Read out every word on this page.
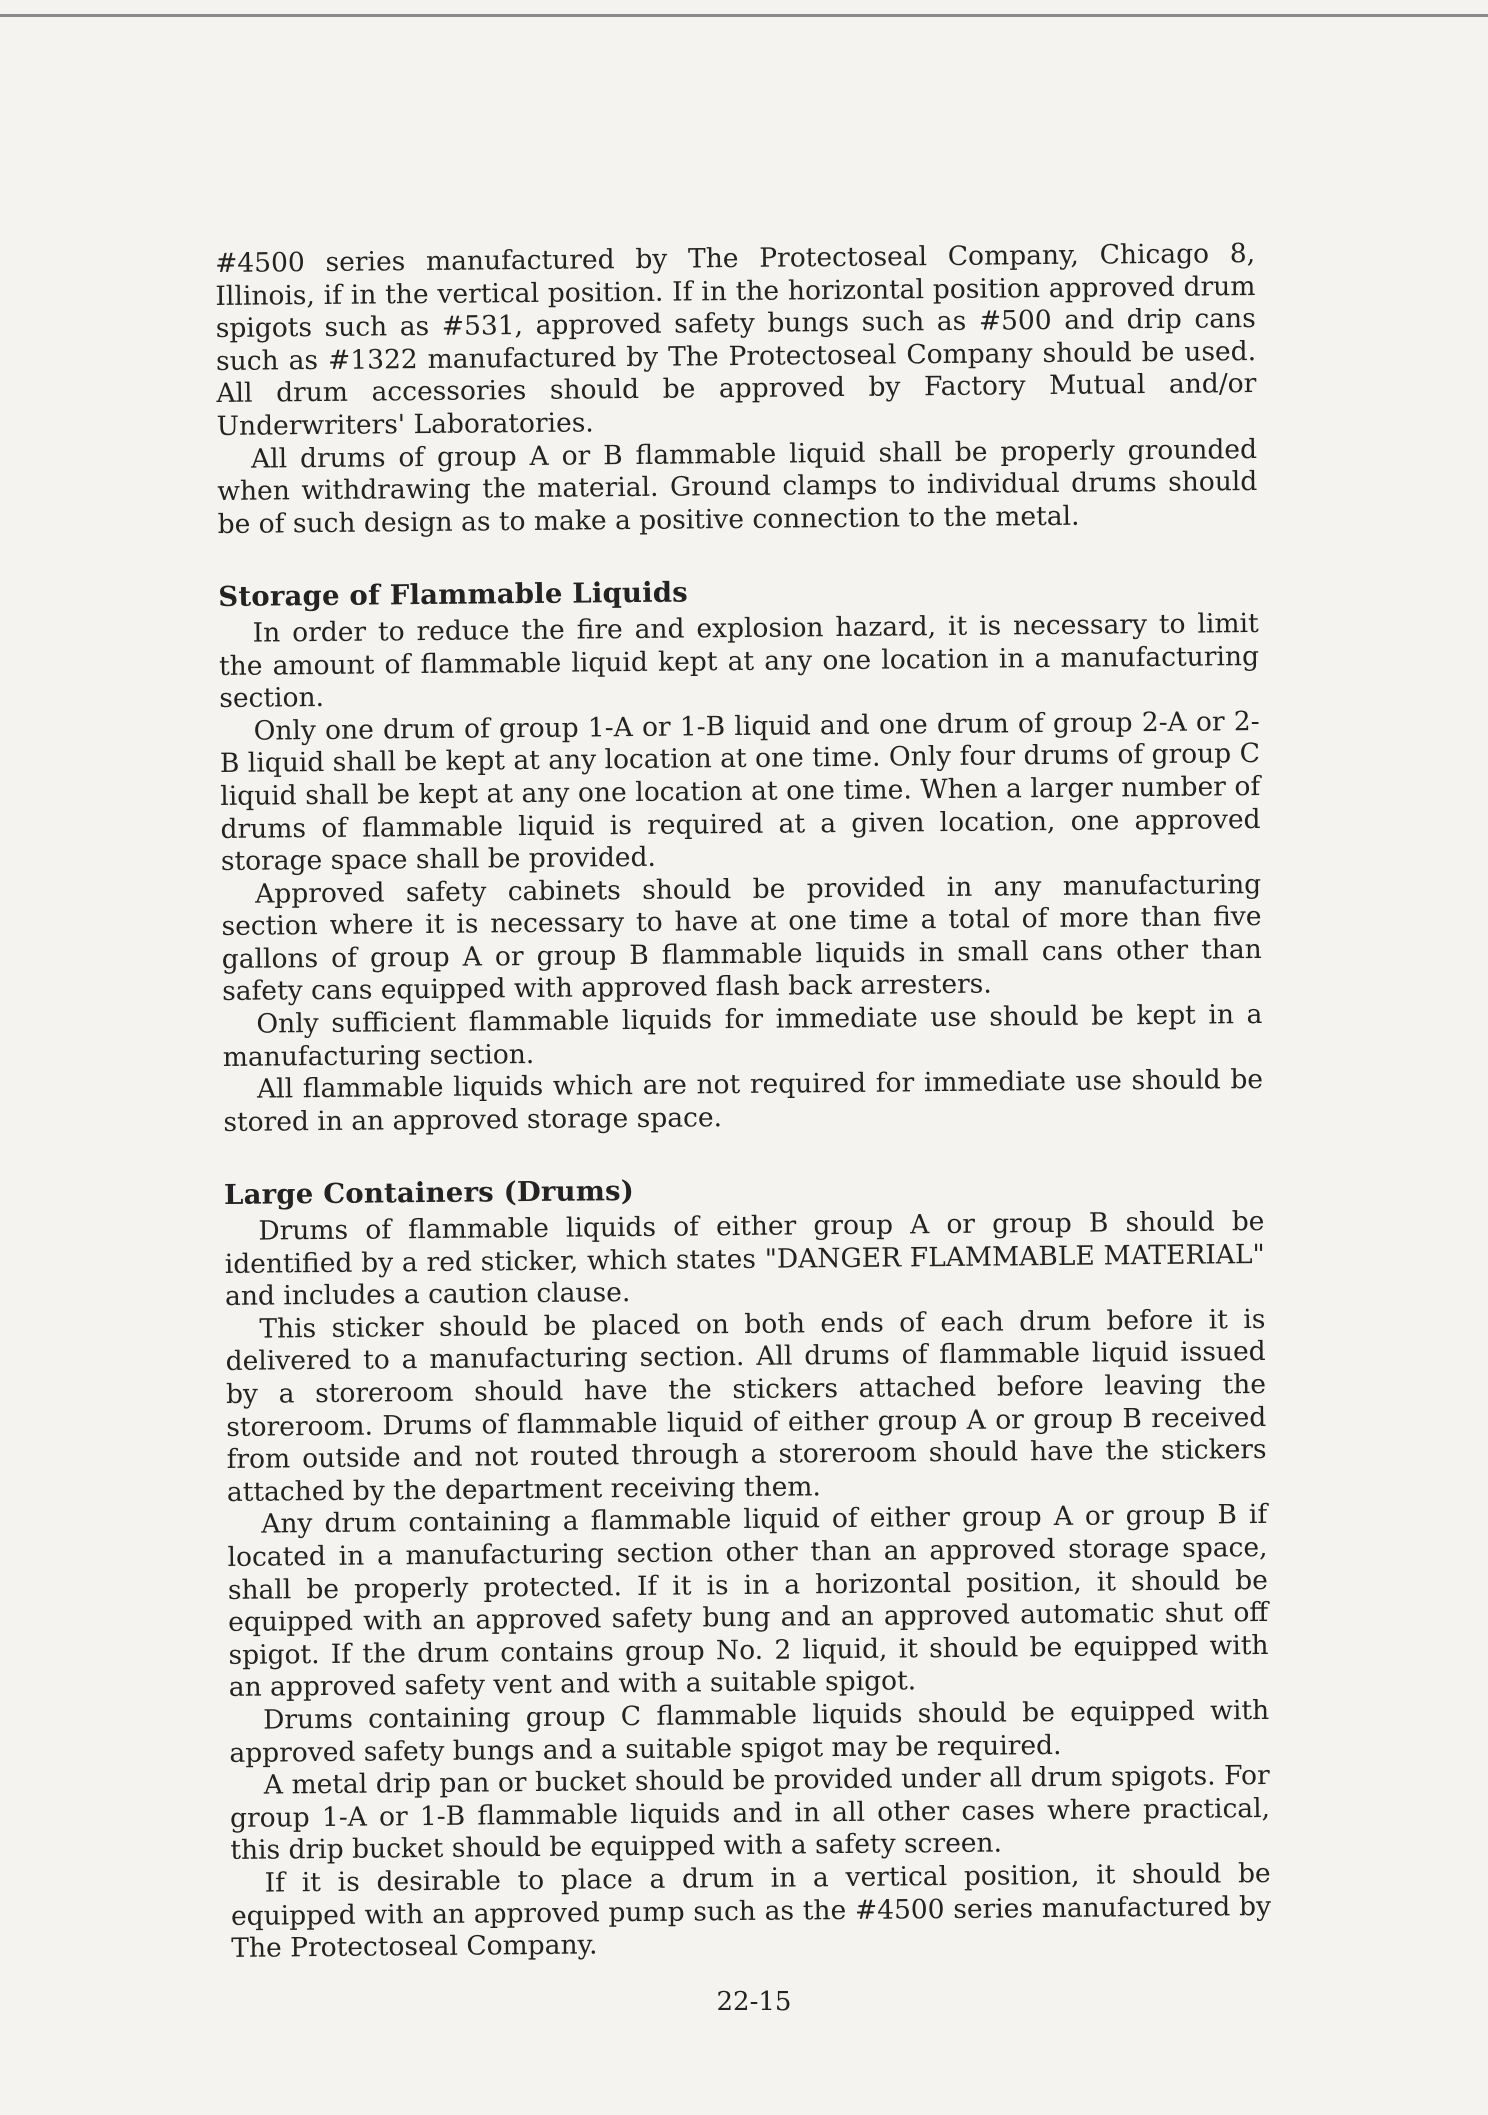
#4500 series manufactured by The Protectoseal Company, Chicago 8, Illinois, if in the vertical position. If in the horizontal position approved drum spigots such as #531, approved safety bungs such as #500 and drip cans such as #1322 manufactured by The Protectoseal Company should be used. All drum accessories should be approved by Factory Mutual and/or Underwriters' Laboratories.

All drums of group A or B flammable liquid shall be properly grounded when withdrawing the material. Ground clamps to individual drums should be of such design as to make a positive connection to the metal.

Storage of Flammable Liquids

In order to reduce the fire and explosion hazard, it is necessary to limit the amount of flammable liquid kept at any one location in a manufacturing section.

Only one drum of group 1-A or 1-B liquid and one drum of group 2-A or 2-B liquid shall be kept at any location at one time. Only four drums of group C liquid shall be kept at any one location at one time. When a larger number of drums of flammable liquid is required at a given location, one approved storage space shall be provided.

Approved safety cabinets should be provided in any manufacturing section where it is necessary to have at one time a total of more than five gallons of group A or group B flammable liquids in small cans other than safety cans equipped with approved flash back arresters.

Only sufficient flammable liquids for immediate use should be kept in a manufacturing section.

All flammable liquids which are not required for immediate use should be stored in an approved storage space.

Large Containers (Drums)

Drums of flammable liquids of either group A or group B should be identified by a red sticker, which states "DANGER FLAMMABLE MATERIAL" and includes a caution clause.

This sticker should be placed on both ends of each drum before it is delivered to a manufacturing section. All drums of flammable liquid issued by a storeroom should have the stickers attached before leaving the storeroom. Drums of flammable liquid of either group A or group B received from outside and not routed through a storeroom should have the stickers attached by the department receiving them.

Any drum containing a flammable liquid of either group A or group B if located in a manufacturing section other than an approved storage space, shall be properly protected. If it is in a horizontal position, it should be equipped with an approved safety bung and an approved automatic shut off spigot. If the drum contains group No. 2 liquid, it should be equipped with an approved safety vent and with a suitable spigot.

Drums containing group C flammable liquids should be equipped with approved safety bungs and a suitable spigot may be required.

A metal drip pan or bucket should be provided under all drum spigots. For group 1-A or 1-B flammable liquids and in all other cases where practical, this drip bucket should be equipped with a safety screen.

If it is desirable to place a drum in a vertical position, it should be equipped with an approved pump such as the #4500 series manufactured by The Protectoseal Company.

22-15
